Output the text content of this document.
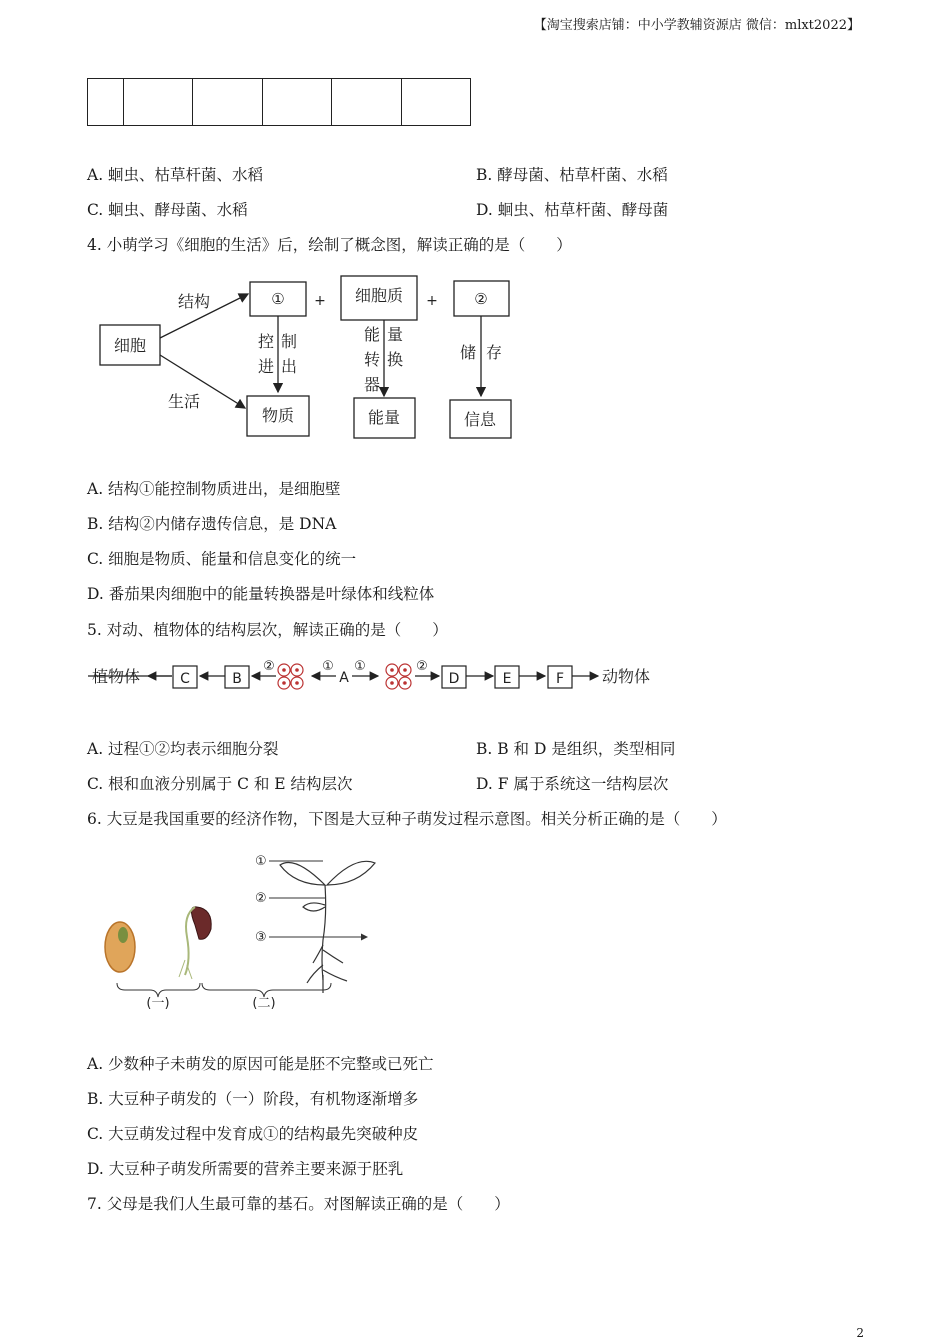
【淘宝搜索店铺：中小学教辅资源店 微信：mlxt2022】

A. 蛔虫、枯草杆菌、水稻	B. 酵母菌、枯草杆菌、水稻
C. 蛔虫、酵母菌、水稻	D. 蛔虫、枯草杆菌、酵母菌
4. 小萌学习《细胞的生活》后，绘制了概念图，解读正确的是（　　）
细胞
结构
生活
① + 细胞质 + ②
控 制
进 出
能 量
转 换
器
储 存
物质	能量	信息
A. 结构①能控制物质进出，是细胞壁
B. 结构②内储存遗传信息，是 DNA
C. 细胞是物质、能量和信息变化的统一
D. 番茄果肉细胞中的能量转换器是叶绿体和线粒体
5. 对动、植物体的结构层次，解读正确的是（　　）
植物体	C	B
②	①
A
①	②
D	E	F 动物体
A. 过程①②均表示细胞分裂	B. B 和 D 是组织，类型相同
C. 根和血液分别属于 C 和 E 结构层次	D. F 属于系统这一结构层次
6. 大豆是我国重要的经济作物，下图是大豆种子萌发过程示意图。相关分析正确的是（　　）
①
②
③
(一)	(二)
A. 少数种子未萌发的原因可能是胚不完整或已死亡
B. 大豆种子萌发的（一）阶段，有机物逐渐增多
C. 大豆萌发过程中发育成①的结构最先突破种皮
D. 大豆种子萌发所需要的营养主要来源于胚乳
7. 父母是我们人生最可靠的基石。对图解读正确的是（　　）
2
